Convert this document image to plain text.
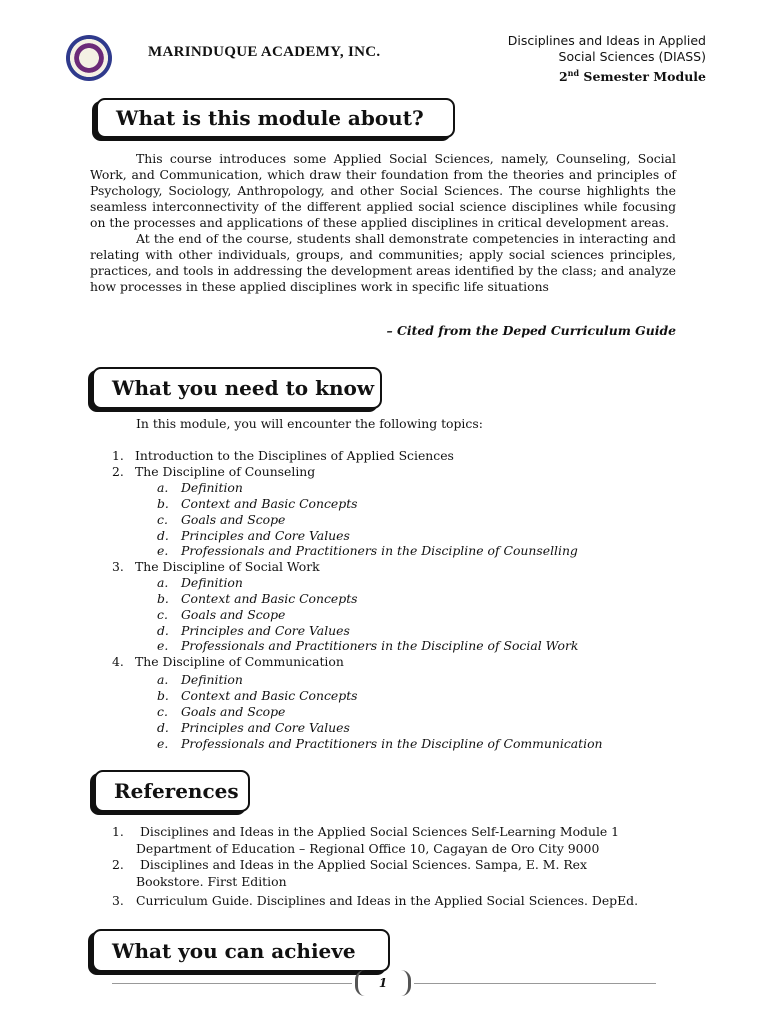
MARINDUQUE ACADEMY, INC.
Disciplines and Ideas in Applied
Social Sciences (DIASS)
2nd Semester Module
What is this module about?

This course introduces some Applied Social Sciences, namely, Counseling, Social Work, and Communication, which draw their foundation from the theories and principles of Psychology, Sociology, Anthropology, and other Social Sciences. The course highlights the seamless interconnectivity of the different applied social science disciplines while focusing on the processes and applications of these applied disciplines in critical development areas.

At the end of the course, students shall demonstrate competencies in interacting and relating with other individuals, groups, and communities; apply social sciences principles, practices, and tools in addressing the development areas identified by the class; and analyze how processes in these applied disciplines work in specific life situations

– Cited from the Deped Curriculum Guide
What you need to know
In this module, you will encounter the following topics:
1. Introduction to the Disciplines of Applied Sciences
2. The Discipline of Counseling
a. Definition
b. Context and Basic Concepts
c. Goals and Scope
d. Principles and Core Values
e. Professionals and Practitioners in the Discipline of Counselling
3. The Discipline of Social Work
a. Definition
b. Context and Basic Concepts
c. Goals and Scope
d. Principles and Core Values
e. Professionals and Practitioners in the Discipline of Social Work
4. The Discipline of Communication
a. Definition
b. Context and Basic Concepts
c. Goals and Scope
d. Principles and Core Values
e. Professionals and Practitioners in the Discipline of Communication
References
1. Disciplines and Ideas in the Applied Social Sciences Self-Learning Module 1
Department of Education – Regional Office 10, Cagayan de Oro City 9000
2. Disciplines and Ideas in the Applied Social Sciences. Sampa, E. M. Rex
Bookstore. First Edition
3. Curriculum Guide. Disciplines and Ideas in the Applied Social Sciences. DepEd.
What you can achieve
1
